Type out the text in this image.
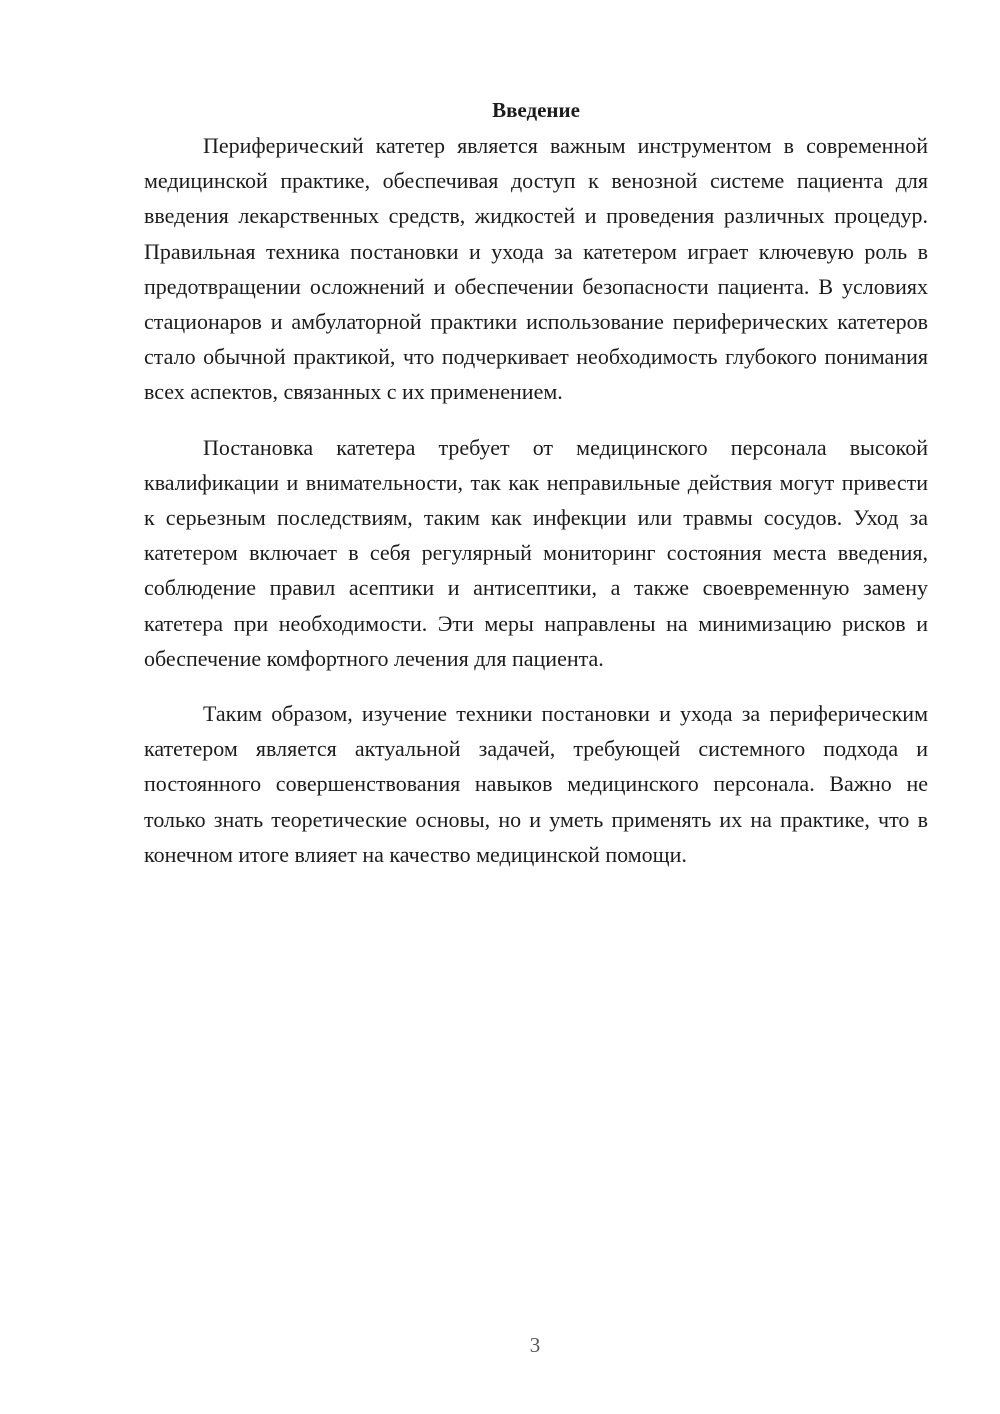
Введение

Периферический катетер является важным инструментом в современной медицинской практике, обеспечивая доступ к венозной системе пациента для введения лекарственных средств, жидкостей и проведения различных процедур. Правильная техника постановки и ухода за катетером играет ключевую роль в предотвращении осложнений и обеспечении безопасности пациента. В условиях стационаров и амбулаторной практики использование периферических катетеров стало обычной практикой, что подчеркивает необходимость глубокого понимания всех аспектов, связанных с их применением.

Постановка катетера требует от медицинского персонала высокой квалификации и внимательности, так как неправильные действия могут привести к серьезным последствиям, таким как инфекции или травмы сосудов. Уход за катетером включает в себя регулярный мониторинг состояния места введения, соблюдение правил асептики и антисептики, а также своевременную замену катетера при необходимости. Эти меры направлены на минимизацию рисков и обеспечение комфортного лечения для пациента.

Таким образом, изучение техники постановки и ухода за периферическим катетером является актуальной задачей, требующей системного подхода и постоянного совершенствования навыков медицинского персонала. Важно не только знать теоретические основы, но и уметь применять их на практике, что в конечном итоге влияет на качество медицинской помощи.

3
